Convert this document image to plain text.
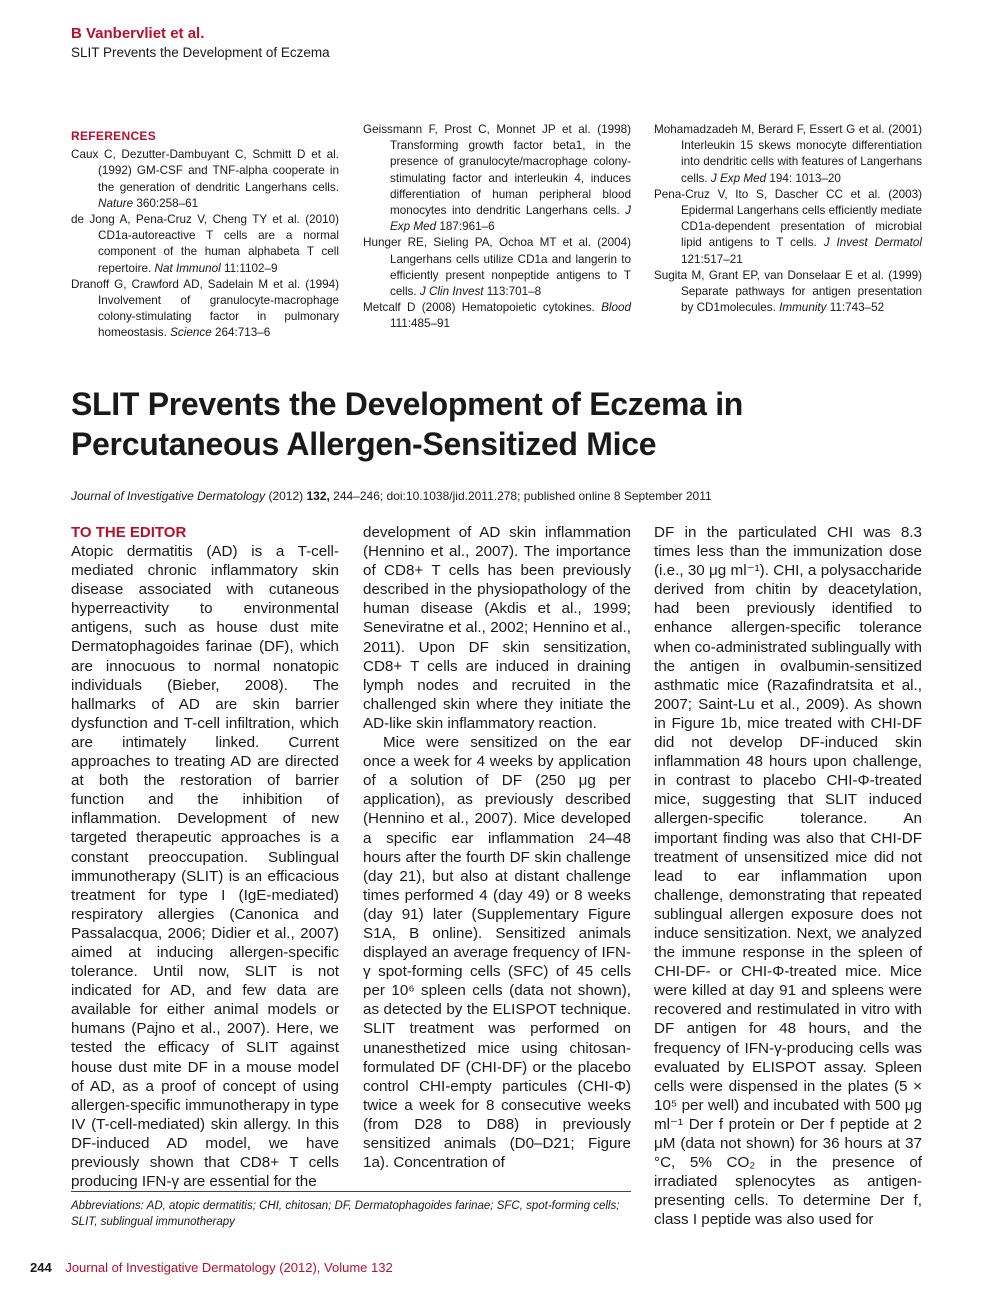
B Vanbervliet et al.
SLIT Prevents the Development of Eczema
REFERENCES

Caux C, Dezutter-Dambuyant C, Schmitt D et al. (1992) GM-CSF and TNF-alpha cooperate in the generation of dendritic Langerhans cells. Nature 360:258–61

de Jong A, Pena-Cruz V, Cheng TY et al. (2010) CD1a-autoreactive T cells are a normal component of the human alphabeta T cell repertoire. Nat Immunol 11:1102–9

Dranoff G, Crawford AD, Sadelain M et al. (1994) Involvement of granulocyte-macrophage colony-stimulating factor in pulmonary homeostasis. Science 264:713–6

Geissmann F, Prost C, Monnet JP et al. (1998) Transforming growth factor beta1, in the presence of granulocyte/macrophage colony-stimulating factor and interleukin 4, induces differentiation of human peripheral blood monocytes into dendritic Langerhans cells. J Exp Med 187:961–6

Hunger RE, Sieling PA, Ochoa MT et al. (2004) Langerhans cells utilize CD1a and langerin to efficiently present nonpeptide antigens to T cells. J Clin Invest 113:701–8

Metcalf D (2008) Hematopoietic cytokines. Blood 111:485–91

Mohamadzadeh M, Berard F, Essert G et al. (2001) Interleukin 15 skews monocyte differentiation into dendritic cells with features of Langerhans cells. J Exp Med 194: 1013–20

Pena-Cruz V, Ito S, Dascher CC et al. (2003) Epidermal Langerhans cells efficiently mediate CD1a-dependent presentation of microbial lipid antigens to T cells. J Invest Dermatol 121:517–21

Sugita M, Grant EP, van Donselaar E et al. (1999) Separate pathways for antigen presentation by CD1molecules. Immunity 11:743–52

SLIT Prevents the Development of Eczema in
Percutaneous Allergen-Sensitized Mice
Journal of Investigative Dermatology (2012) 132, 244–246; doi:10.1038/jid.2011.278; published online 8 September 2011
TO THE EDITOR

Atopic dermatitis (AD) is a T-cell-mediated chronic inflammatory skin disease associated with cutaneous hyperreactivity to environmental antigens, such as house dust mite Dermatophagoides farinae (DF), which are innocuous to normal nonatopic individuals (Bieber, 2008). The hallmarks of AD are skin barrier dysfunction and T-cell infiltration, which are intimately linked. Current approaches to treating AD are directed at both the restoration of barrier function and the inhibition of inflammation. Development of new targeted therapeutic approaches is a constant preoccupation. Sublingual immunotherapy (SLIT) is an efficacious treatment for type I (IgE-mediated) respiratory allergies (Canonica and Passalacqua, 2006; Didier et al., 2007) aimed at inducing allergen-specific tolerance. Until now, SLIT is not indicated for AD, and few data are available for either animal models or humans (Pajno et al., 2007). Here, we tested the efficacy of SLIT against house dust mite DF in a mouse model of AD, as a proof of concept of using allergen-specific immunotherapy in type IV (T-cell-mediated) skin allergy. In this DF-induced AD model, we have previously shown that CD8+ T cells producing IFN-γ are essential for the

development of AD skin inflammation (Hennino et al., 2007). The importance of CD8+ T cells has been previously described in the physiopathology of the human disease (Akdis et al., 1999; Seneviratne et al., 2002; Hennino et al., 2011). Upon DF skin sensitization, CD8+ T cells are induced in draining lymph nodes and recruited in the challenged skin where they initiate the AD-like skin inflammatory reaction.

Mice were sensitized on the ear once a week for 4 weeks by application of a solution of DF (250 μg per application), as previously described (Hennino et al., 2007). Mice developed a specific ear inflammation 24–48 hours after the fourth DF skin challenge (day 21), but also at distant challenge times performed 4 (day 49) or 8 weeks (day 91) later (Supplementary Figure S1A, B online). Sensitized animals displayed an average frequency of IFN-γ spot-forming cells (SFC) of 45 cells per 10⁶ spleen cells (data not shown), as detected by the ELISPOT technique. SLIT treatment was performed on unanesthetized mice using chitosan-formulated DF (CHI-DF) or the placebo control CHI-empty particules (CHI-Φ) twice a week for 8 consecutive weeks (from D28 to D88) in previously sensitized animals (D0–D21; Figure 1a). Concentration of

DF in the particulated CHI was 8.3 times less than the immunization dose (i.e., 30 μg ml⁻¹). CHI, a polysaccharide derived from chitin by deacetylation, had been previously identified to enhance allergen-specific tolerance when co-administrated sublingually with the antigen in ovalbumin-sensitized asthmatic mice (Razafindratsita et al., 2007; Saint-Lu et al., 2009). As shown in Figure 1b, mice treated with CHI-DF did not develop DF-induced skin inflammation 48 hours upon challenge, in contrast to placebo CHI-Φ-treated mice, suggesting that SLIT induced allergen-specific tolerance. An important finding was also that CHI-DF treatment of unsensitized mice did not lead to ear inflammation upon challenge, demonstrating that repeated sublingual allergen exposure does not induce sensitization. Next, we analyzed the immune response in the spleen of CHI-DF- or CHI-Φ-treated mice. Mice were killed at day 91 and spleens were recovered and restimulated in vitro with DF antigen for 48 hours, and the frequency of IFN-γ-producing cells was evaluated by ELISPOT assay. Spleen cells were dispensed in the plates (5 × 10⁵ per well) and incubated with 500 μg ml⁻¹ Der f protein or Der f peptide at 2 μM (data not shown) for 36 hours at 37 °C, 5% CO₂ in the presence of irradiated splenocytes as antigen-presenting cells. To determine Der f, class I peptide was also used for

Abbreviations: AD, atopic dermatitis; CHI, chitosan; DF, Dermatophagoides farinae; SFC, spot-forming cells; SLIT, sublingual immunotherapy
244 Journal of Investigative Dermatology (2012), Volume 132
